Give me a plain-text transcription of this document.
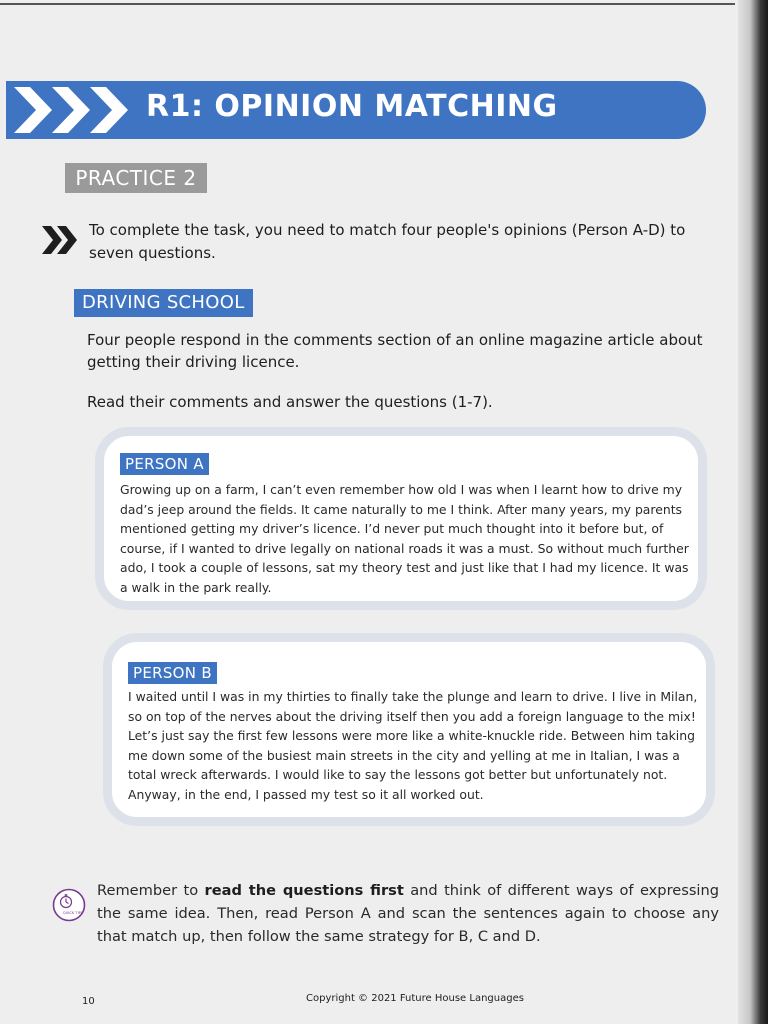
R1: OPINION MATCHING
PRACTICE 2
To complete the task, you need to match four people's opinions (Person A-D) to seven questions.
DRIVING SCHOOL
Four people respond in the comments section of an online magazine article about getting their driving licence.
Read their comments and answer the questions (1-7).
PERSON A
Growing up on a farm, I can’t even remember how old I was when I learnt how to drive my dad’s jeep around the fields. It came naturally to me I think. After many years, my parents mentioned getting my driver’s licence. I’d never put much thought into it before but, of course, if I wanted to drive legally on national roads it was a must. So without much further ado, I took a couple of lessons, sat my theory test and just like that I had my licence. It was a walk in the park really.
PERSON B
I waited until I was in my thirties to finally take the plunge and learn to drive. I live in Milan, so on top of the nerves about the driving itself then you add a foreign language to the mix! Let’s just say the first few lessons were more like a white-knuckle ride. Between him taking me down some of the busiest main streets in the city and yelling at me in Italian, I was a total wreck afterwards. I would like to say the lessons got better but unfortunately not. Anyway, in the end, I passed my test so it all worked out.
QUICK TIPS
Remember to read the questions first and think of different ways of expressing the same idea. Then, read Person A and scan the sentences again to choose any that match up, then follow the same strategy for B, C and D.
10	Copyright © 2021 Future House Languages
